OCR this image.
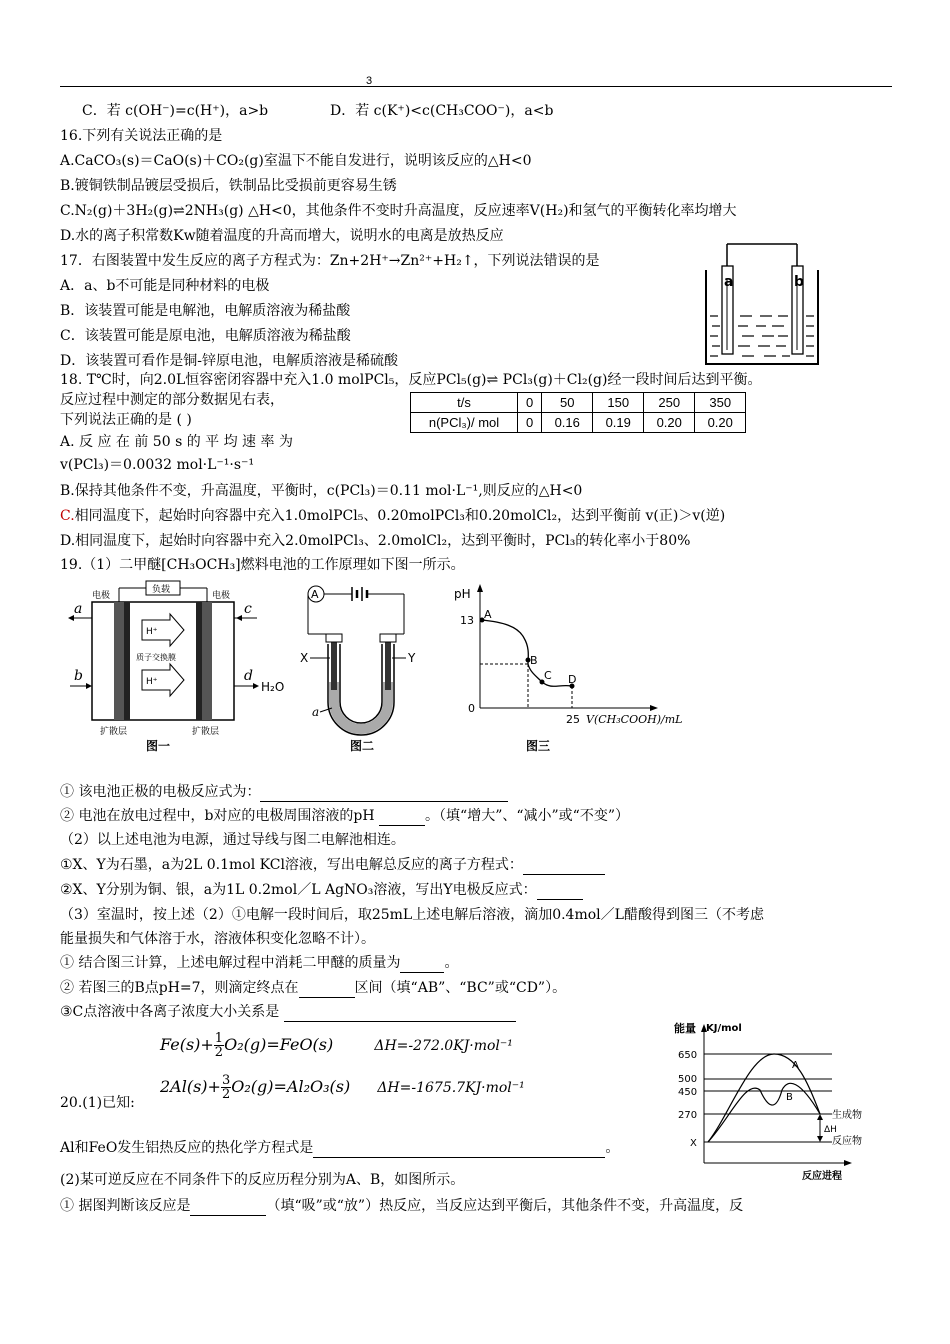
3
C．若 c(OH⁻)=c(H⁺)，a>b	D．若 c(K⁺)<c(CH₃COO⁻)，a<b
16.下列有关说法正确的是
A.CaCO₃(s)＝CaO(s)＋CO₂(g)室温下不能自发进行，说明该反应的△H<0
B.镀铜铁制品镀层受损后，铁制品比受损前更容易生锈
C.N₂(g)＋3H₂(g)⇌2NH₃(g) △H<0，其他条件不变时升高温度，反应速率Ⅴ(H₂)和氢气的平衡转化率均增大
D.水的离子积常数Kw随着温度的升高而增大，说明水的电离是放热反应
17．右图装置中发生反应的离子方程式为：Zn+2H⁺→Zn²⁺+H₂↑，下列说法错误的是
A．a、b不可能是同种材料的电极
B．该装置可能是电解池，电解质溶液为稀盐酸
C．该装置可能是原电池，电解质溶液为稀盐酸
D．该装置可看作是铜-锌原电池，电解质溶液是稀硫酸
a	b
18. T℃时，向2.0L恒容密闭容器中充入1.0 molPCl₅，反应PCl₅(g)⇌ PCl₃(g)＋Cl₂(g)经一段时间后达到平衡。
反应过程中测定的部分数据见右表，
下列说法正确的是 ( )
t/s	0	50	150	250	350
n(PCl₃)/ mol	0	0.16	0.19	0.20	0.20
A. 反 应 在 前 50 s 的 平 均 速 率 为
v(PCl₃)＝0.0032 mol·L⁻¹·s⁻¹
B.保持其他条件不变，升高温度，平衡时，c(PCl₃)＝0.11 mol·L⁻¹,则反应的△H<0
C.相同温度下，起始时向容器中充入1.0molPCl₅、0.20molPCl₃和0.20molCl₂，达到平衡前 v(正)＞v(逆)
D.相同温度下，起始时向容器中充入2.0molPCl₃、2.0molCl₂，达到平衡时，PCl₃的转化率小于80%
19.（1）二甲醚[CH₃OCH₃]燃料电池的工作原理如下图一所示。
负载
电极	电极
H⁺
质子交换膜
H⁺
a
b
c
d
H₂O
扩散层	扩散层
图一
A
X	Y
a
图二
pH
13
0
25 V(CH₃COOH)/mL
A
B
C D
图三
① 该电池正极的电极反应式为：
② 电池在放电过程中，b对应的电极周围溶液的pH	。（填“增大”、“减小”或“不变”）
（2）以上述电池为电源，通过导线与图二电解池相连。
①X、Y为石墨，a为2L 0.1mol KCl溶液，写出电解总反应的离子方程式：
②X、Y分别为铜、银，a为1L 0.2mol／L AgNO₃溶液，写出Y电极反应式：
（3）室温时，按上述（2）①电解一段时间后，取25mL上述电解后溶液，滴加0.4mol／L醋酸得到图三（不考虑
能量损失和气体溶于水，溶液体积变化忽略不计）。
① 结合图三计算，上述电解过程中消耗二甲醚的质量为	。
② 若图三的B点pH=7，则滴定终点在	区间（填“AB”、“BC”或“CD”）。
③C点溶液中各离子浓度大小关系是
$Fe(s)+ \frac{1}{2} O_2(g)=FeO(s)$	ΔH=-272.0KJ·mol⁻¹
$2Al(s)+ \frac{3}{2} O_2(g)=Al_2O_3(s)$ ΔH=-1675.7KJ·mol⁻¹
20.(1)已知:
Al和FeO发生铝热反应的热化学方程式是	。
(2)某可逆反应在不同条件下的反应历程分别为A、B，如图所示。
① 据图判断该反应是	（填“吸”或“放”）热反应，当反应达到平衡后，其他条件不变，升高温度，反
能量 KJ/mol
650
500
450
270
X
A
B
ΔH
生成物
反应物
反应进程
